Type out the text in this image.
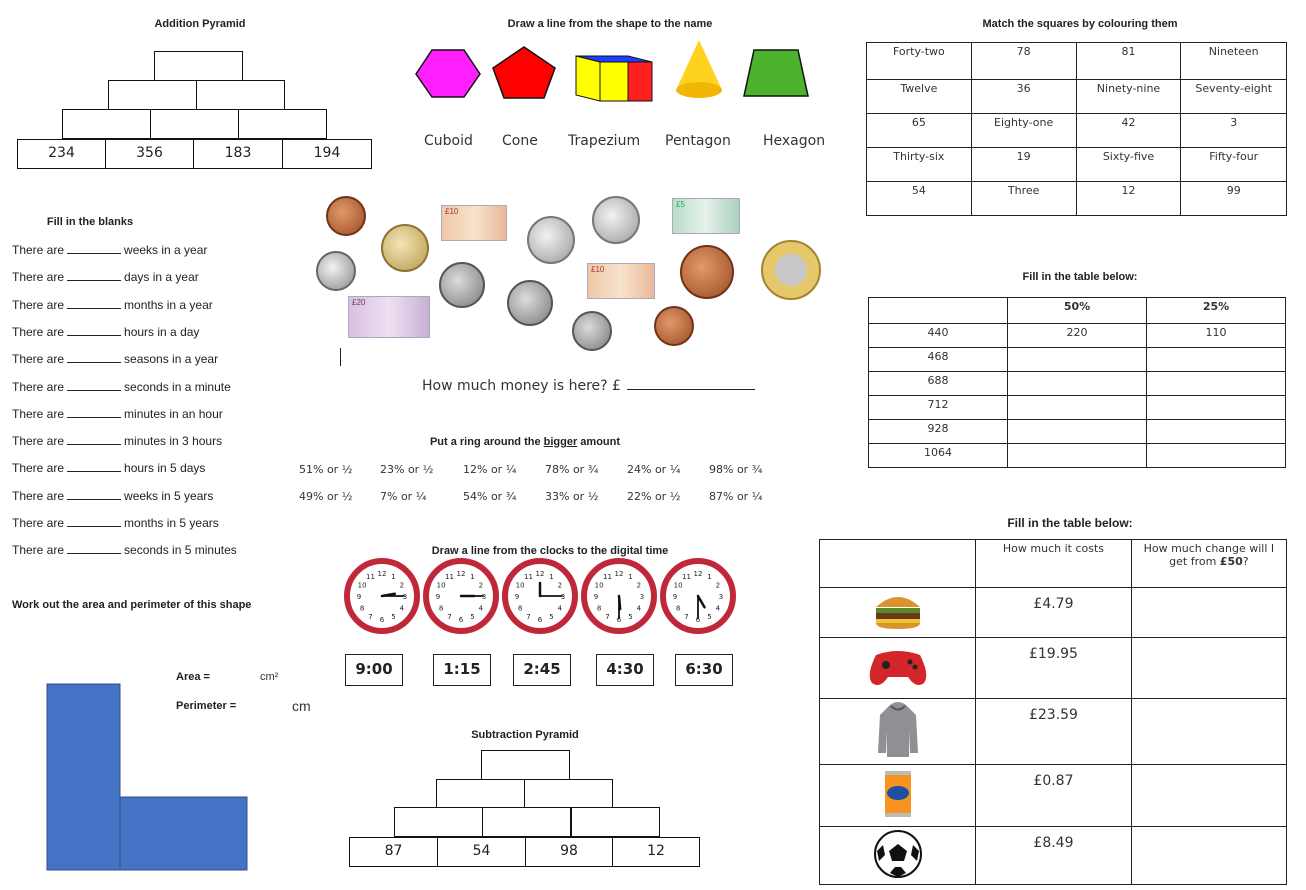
Addition Pyramid
234	356	183	194
Draw a line from the shape to the name
Cuboid Cone Trapezium Pentagon Hexagon
Match the squares by colouring them
Forty-two	78	81	Nineteen
Twelve	36	Ninety-nine	Seventy-eight
65	Eighty-one	42	3
Thirty-six	19	Sixty-five	Fifty-four
54	Three	12	99
Fill in the blanks
There are	weeks in a year
There are	days in a year
There are	months in a year
There are	hours in a day
There are	seasons in a year
There are	seconds in a minute
There are	minutes in an hour
There are	minutes in 3 hours
There are	hours in 5 days
There are	weeks in 5 years
There are	months in 5 years
There are	seconds in 5 minutes
£10
£5
£10
£20
How much money is here? £
Put a ring around the bigger amount
51% or ½	23% or ½	12% or ¼	78% or ¾	24% or ¼	98% or ¾
49% or ½	7% or ¼	54% or ¾	33% or ½	22% or ½	87% or ¼
Draw a line from the clocks to the digital time
1
2
3
4
5
6
7
8
9
10
11 12	1
2
3
4
5
6
7
8
9
10
11 12	1
2
3
4
5
6
7
8
9
10
11 12	1
2
3
4
5
6
7
8
9
10
11 12	1
2
3
4
5
6
7
8
9
10
11 12
9:00	1:15	2:45	4:30	6:30
Work out the area and perimeter of this shape
Area =	cm²
Perimeter =	cm
Subtraction Pyramid
87	54	98	12
Fill in the table below:
	50%	25%
440	220	110
468		
688		
712		
928		
1064		
Fill in the table below:
	How much it costs	How much change will I get from £50?
	£4.79	
	£19.95	
	£23.59	
	£0.87	
	£8.49	
